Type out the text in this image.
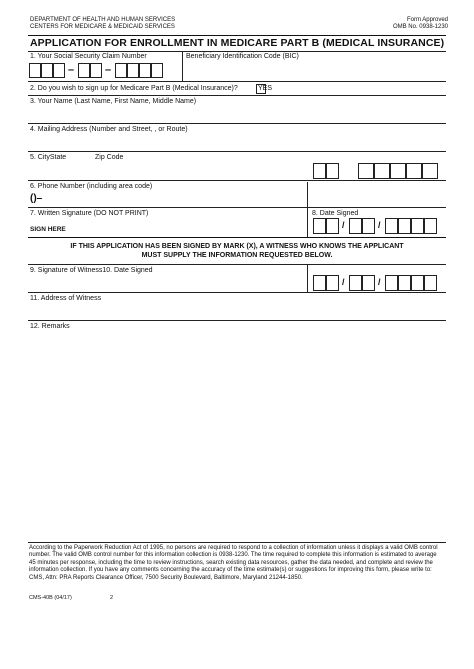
DEPARTMENT OF HEALTH AND HUMAN SERVICES
CENTERS FOR MEDICARE & MEDICAID SERVICES
Form Approved
OMB No. 0938-1230
APPLICATION FOR ENROLLMENT IN MEDICARE PART B (MEDICAL INSURANCE)
1. Your Social Security Claim Number	Beneficiary Identification Code (BIC)
–	–
2. Do you wish to sign up for Medicare Part B (Medical Insurance)?	YES
3. Your Name (Last Name, First Name, Middle Name)
4. Mailing Address (Number and Street, , or Route)
5. CityState	Zip Code
6. Phone Number (including area code)
()–
7. Written Signature (DO NOT PRINT)	8. Date Signed
SIGN HERE	/	/
IF THIS APPLICATION HAS BEEN SIGNED BY MARK (X), A WITNESS WHO KNOWS THE APPLICANT
MUST SUPPLY THE INFORMATION REQUESTED BELOW.
9. Signature of Witness10. Date Signed
/	/
11. Address of Witness
12. Remarks
According to the Paperwork Reduction Act of 1995, no persons are required to respond to a collection of information unless it displays a valid OMB control number. The valid OMB control number for this information collection is 0938-1230. The time required to complete this information is estimated to average 45 minutes per response, including the time to review instructions, search existing data resources, gather the data needed, and complete and review the information collection. If you have any comments concerning the accuracy of the time estimate(s) or suggestions for improving this form, please write to: CMS, Attn: PRA Reports Clearance Officer, 7500 Security Boulevard, Baltimore, Maryland 21244-1850.
CMS-40B (04/17)	2
